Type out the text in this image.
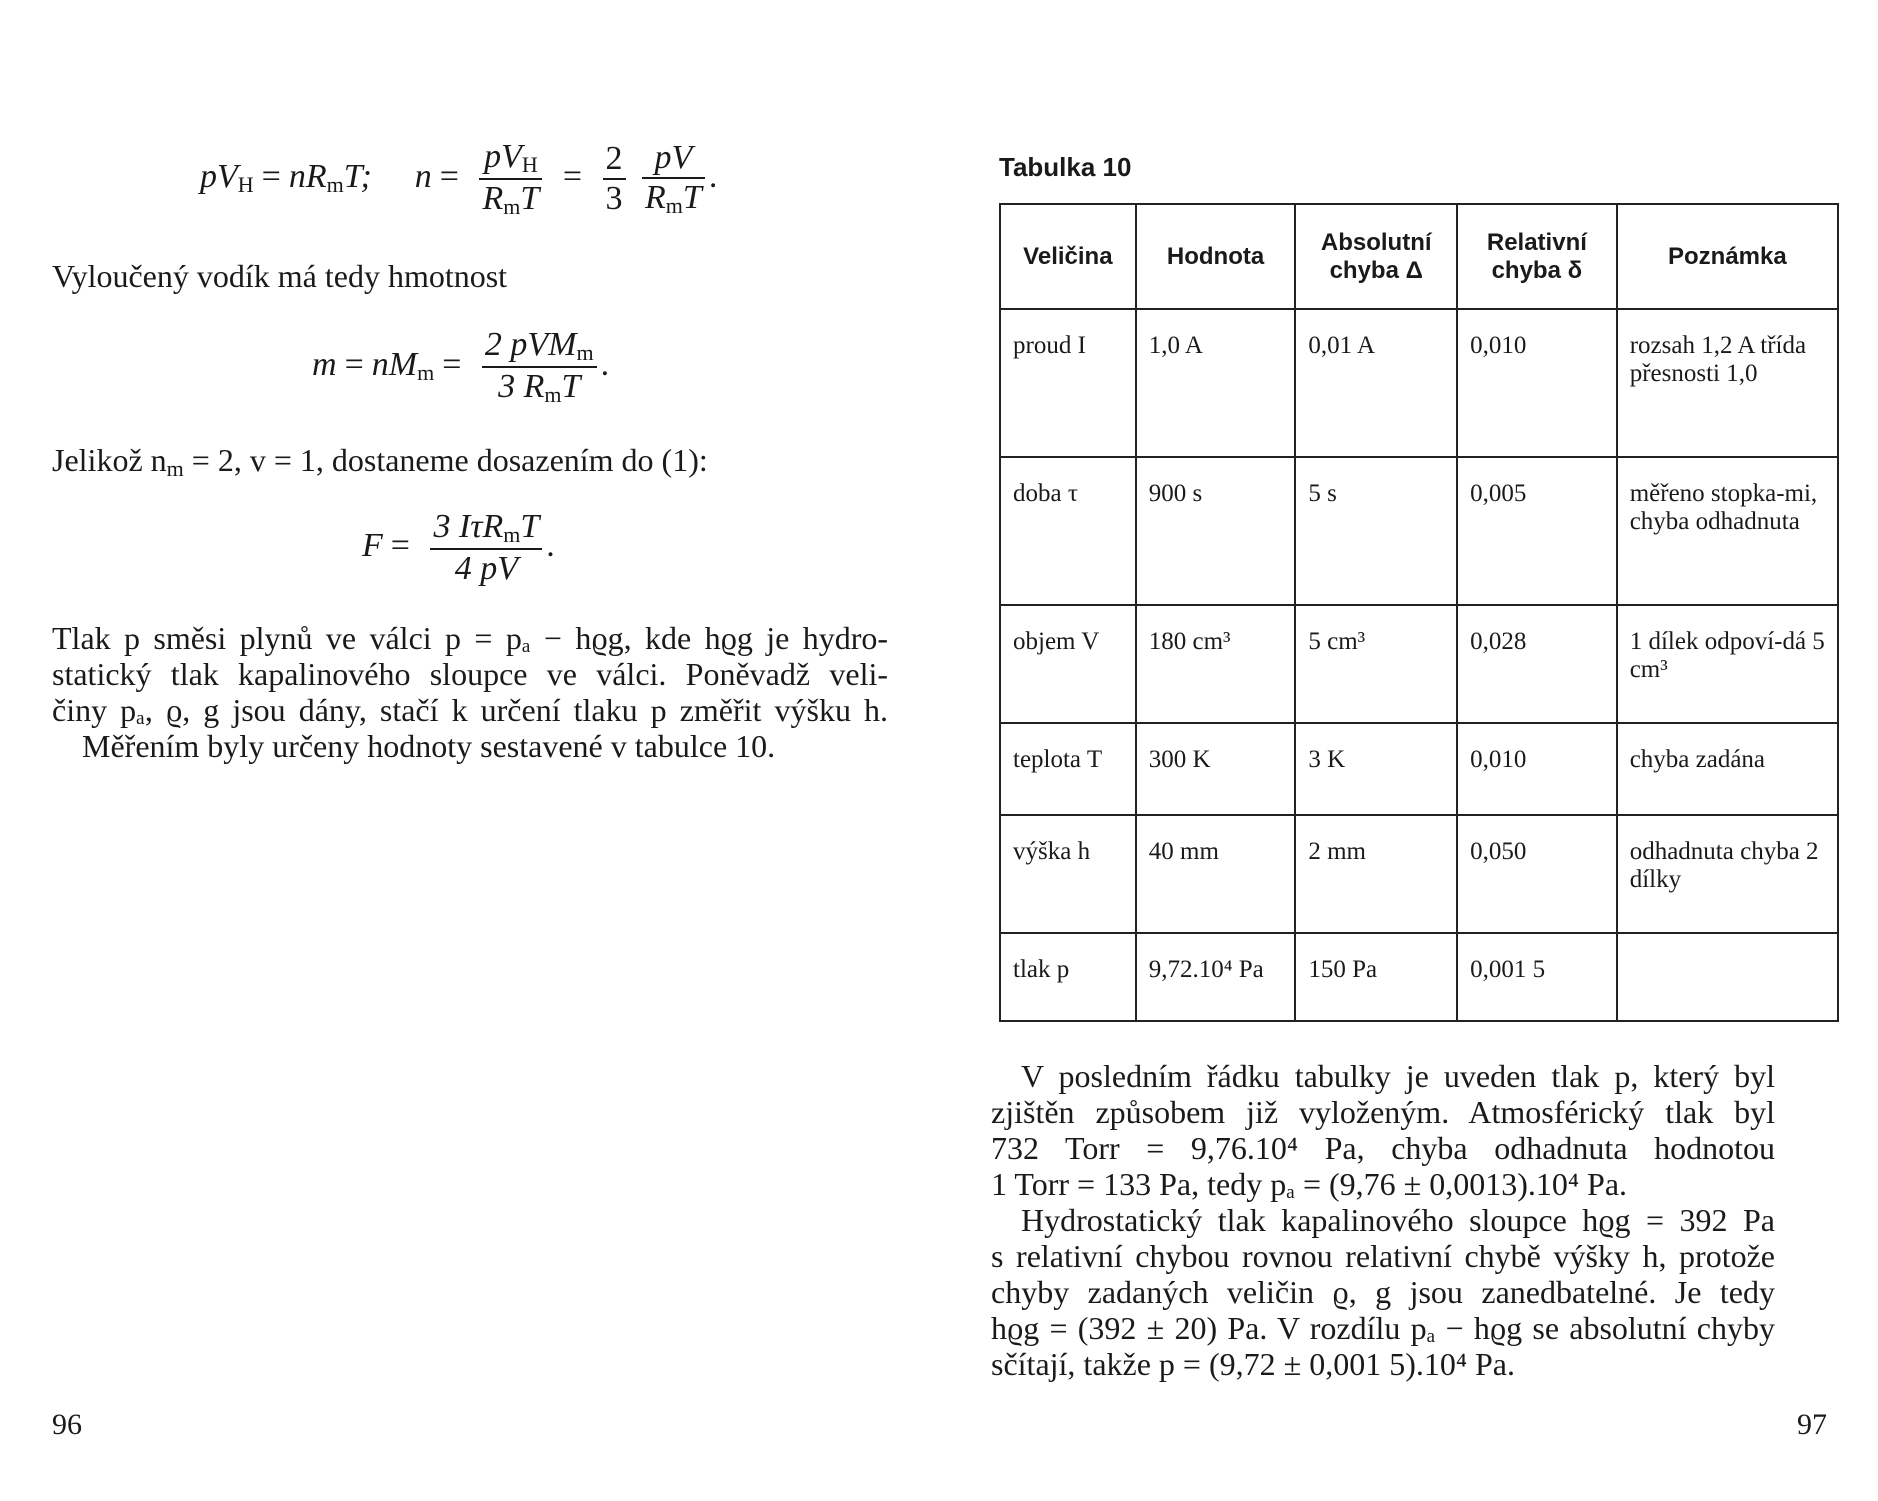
$pV_H = nR_mT$; $n = \frac{pV_H}{R_mT} = \frac{2}{3}$
$\frac{pV}{R_mT}$ .
Vyloučený vodík má tedy hmotnost
$m = nM_m = \frac{2 pVM_m}{3 R_mT}$ .
Jelikož $n_m = 2$, v = 1, dostaneme dosazením do (1):
$F = \frac{3 I\tau R_mT}{4 pV}$ .
Tlak p směsi plynů ve válci p = pₐ − hϱg, kde hϱg je hydro-
statický tlak kapalinového sloupce ve válci. Poněvadž veli-
činy pₐ, ϱ, g jsou dány, stačí k určení tlaku p změřit výšku h.
Měřením byly určeny hodnoty sestavené v tabulce 10.
96
Tabulka 10
Veličina	Hodnota	Absolutní chyba Δ	Relativní chyba δ	Poznámka
proud I	1,0 A	0,01 A	0,010	rozsah 1,2 A třída přesnosti 1,0
doba τ	900 s	5 s	0,005	měřeno stopka-mi, chyba odhadnuta
objem V	180 cm³	5 cm³	0,028	1 dílek odpoví-dá 5 cm³
teplota T	300 K	3 K	0,010	chyba zadána
výška h	40 mm	2 mm	0,050	odhadnuta chyba 2 dílky
tlak p	9,72.10⁴ Pa	150 Pa	0,001 5	
V posledním řádku tabulky je uveden tlak p, který byl
zjištěn způsobem již vyloženým. Atmosférický tlak byl
732 Torr = 9,76.10⁴ Pa, chyba odhadnuta hodnotou
1 Torr = 133 Pa, tedy pₐ = (9,76 ± 0,0013).10⁴ Pa.
Hydrostatický tlak kapalinového sloupce hϱg = 392 Pa
s relativní chybou rovnou relativní chybě výšky h, protože
chyby zadaných veličin ϱ, g jsou zanedbatelné. Je tedy
hϱg = (392 ± 20) Pa. V rozdílu pₐ − hϱg se absolutní chyby
sčítají, takže p = (9,72 ± 0,001 5).10⁴ Pa.
97
